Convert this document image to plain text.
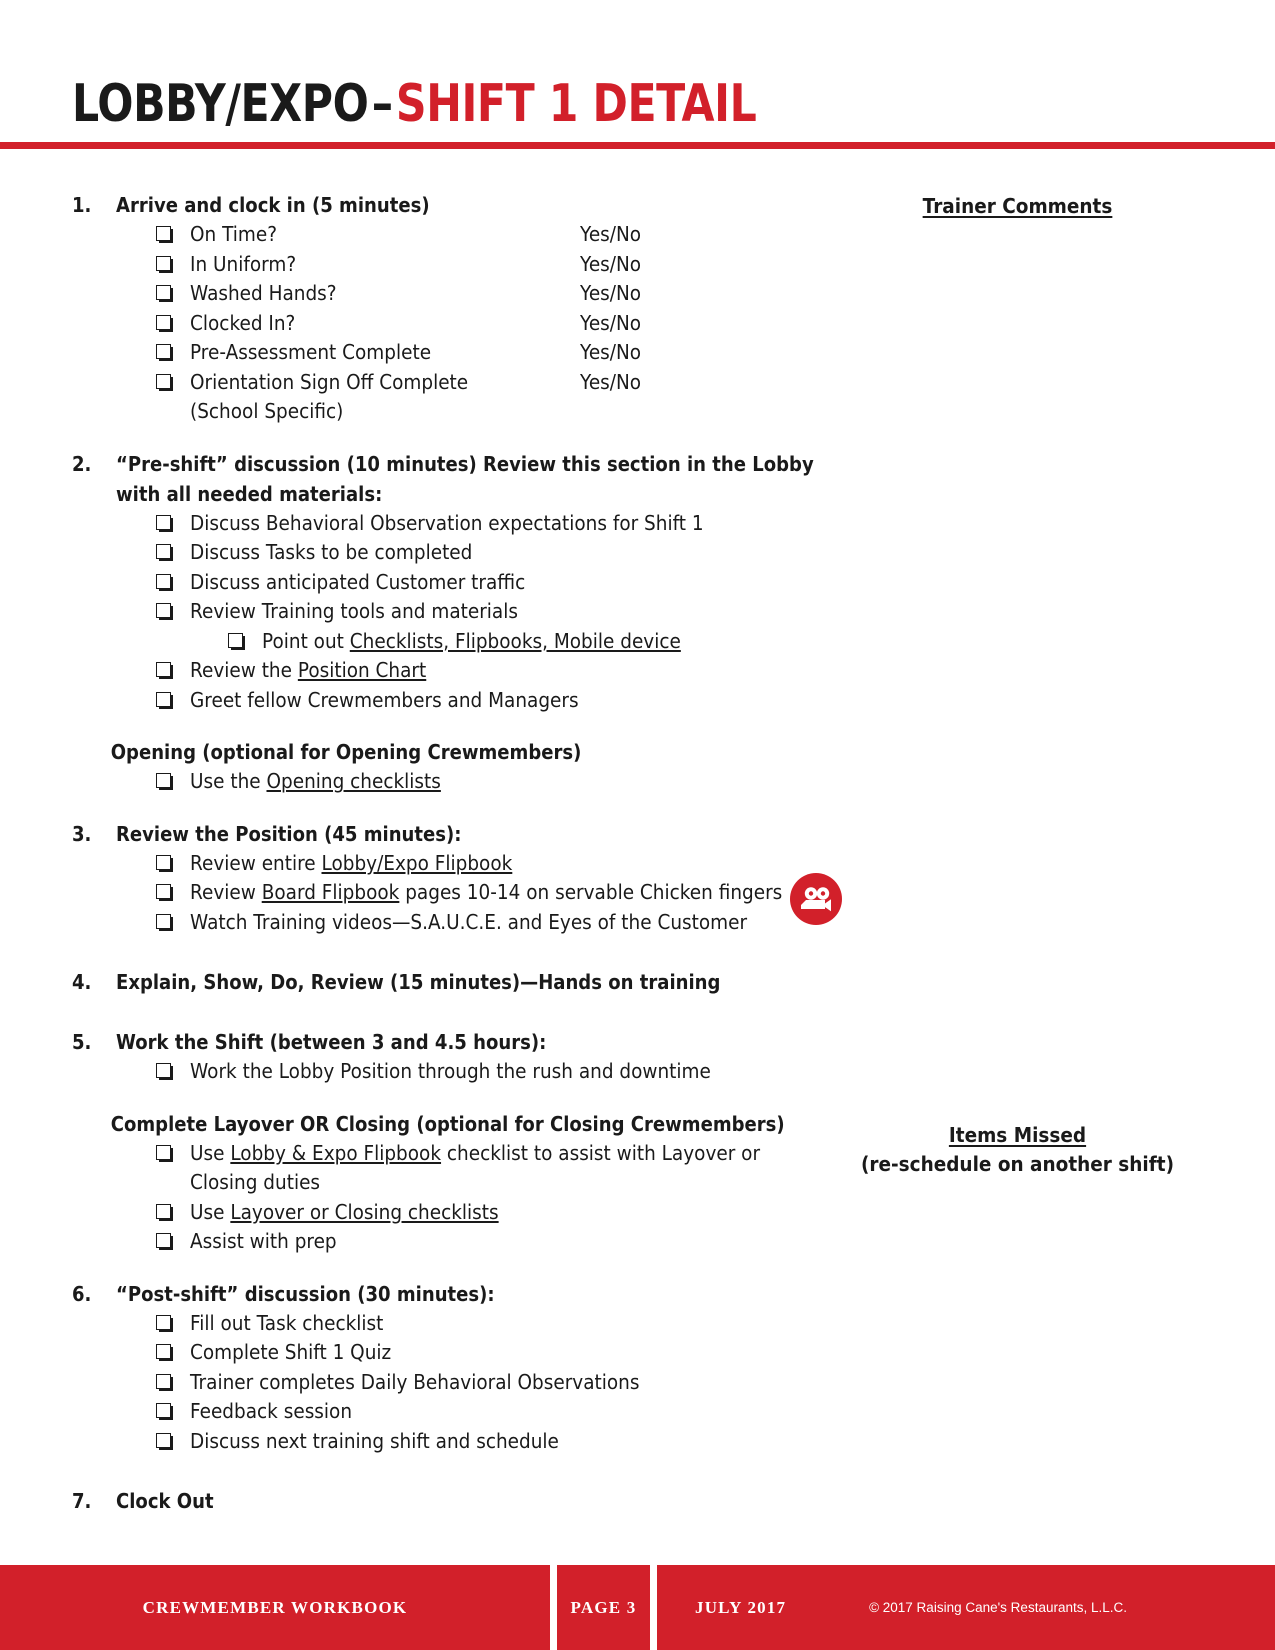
LOBBY/EXPO–SHIFT 1 DETAIL
Trainer Comments
Items Missed
(re-schedule on another shift)
1. Arrive and clock in (5 minutes)
On Time?	Yes/No
In Uniform?	Yes/No
Washed Hands?	Yes/No
Clocked In?	Yes/No
Pre-Assessment Complete	Yes/No
Orientation Sign Off Complete	Yes/No
(School Specific)
2. “Pre-shift” discussion (10 minutes) Review this section in the Lobby with all needed materials:
Discuss Behavioral Observation expectations for Shift 1
Discuss Tasks to be completed
Discuss anticipated Customer traffic
Review Training tools and materials
Point out Checklists, Flipbooks, Mobile device
Review the Position Chart
Greet fellow Crewmembers and Managers
Opening (optional for Opening Crewmembers)
Use the Opening checklists
3. Review the Position (45 minutes):
Review entire Lobby/Expo Flipbook
Review Board Flipbook pages 10-14 on servable Chicken fingers
Watch Training videos—S.A.U.C.E. and Eyes of the Customer
4. Explain, Show, Do, Review (15 minutes)—Hands on training
5. Work the Shift (between 3 and 4.5 hours):
Work the Lobby Position through the rush and downtime
Complete Layover OR Closing (optional for Closing Crewmembers)
Use Lobby & Expo Flipbook checklist to assist with Layover or Closing duties
Use Layover or Closing checklists
Assist with prep
6. “Post-shift” discussion (30 minutes):
Fill out Task checklist
Complete Shift 1 Quiz
Trainer completes Daily Behavioral Observations
Feedback session
Discuss next training shift and schedule
7. Clock Out
CREWMEMBER WORKBOOK	PAGE 3	JULY 2017	© 2017 Raising Cane's Restaurants, L.L.C.
